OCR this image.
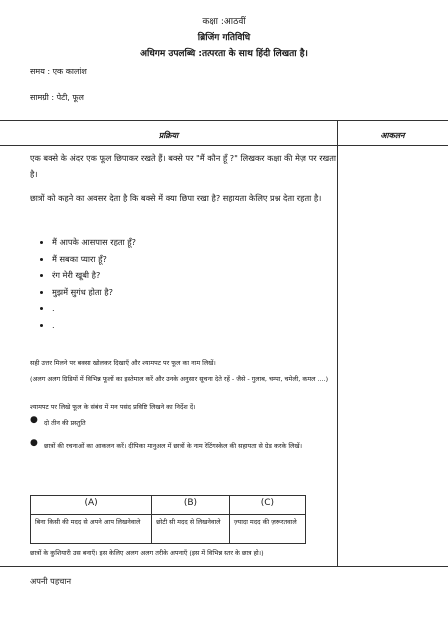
कक्षा :आठवीं
ब्रिजिंग गतिविधि
अधिगम उपलब्धि :तत्परता के साथ हिंदी लिखता है।
समय : एक कालांश
सामग्री : पेटी, फूल
प्रक्रिया	आकलन
एक बक्से के अंदर एक फूल छिपाकर रखते हैं। बक्से पर "मैं कौन हूँ ?" लिखकर कक्षा की मेज़ पर रखता है।
छात्रों को कहने का अवसर देता है कि बक्से में क्या छिपा रखा है? सहायता केलिए प्रश्न देता रहता है।
• मैं आपके आसपास रहता हूँ?
• मैं सबका प्यारा हूँ?
• रंग मेरी खूबी है?
• मुझमें सुगंध होता है?
• .
• .
सही उत्तर मिलने पर बक्सा खोलकर दिखाएँ और श्यामपट पर फूल का नाम लिखें।
(अलग अलग ग्रिडियों में विभिन्न फूलों का इस्तेमाल करें और उनके अनुसार सूचना देते रहें - जैसे - गुलाब, चम्पा, चमेली, कमल ....)
श्यामपट पर लिखे फूल के संबंध में मन पसंद प्रविष्टि लिखने का निर्देश दें।
● दो तीन की प्रस्तुति
● छात्रों की रचनाओं का आकलन करें। दीपिका मानुअल में छात्रों के नाम रेटिंगस्केल की सहायता से ग्रेड करके लिखें।
(A)	(B)	(C)
बिना किसी की मदद से अपने आप लिखनेवाले	छोटी सी मदद से लिखनेवाले	ज़्यादा मदद की ज़रूरतवाले
छात्रों के कुशियारी उस बनाएँ। इस केलिए अलग अलग तरीके अपनाएँ (इस में विभिन्न स्तर के छात्र हो।)
अपनी पहचान
